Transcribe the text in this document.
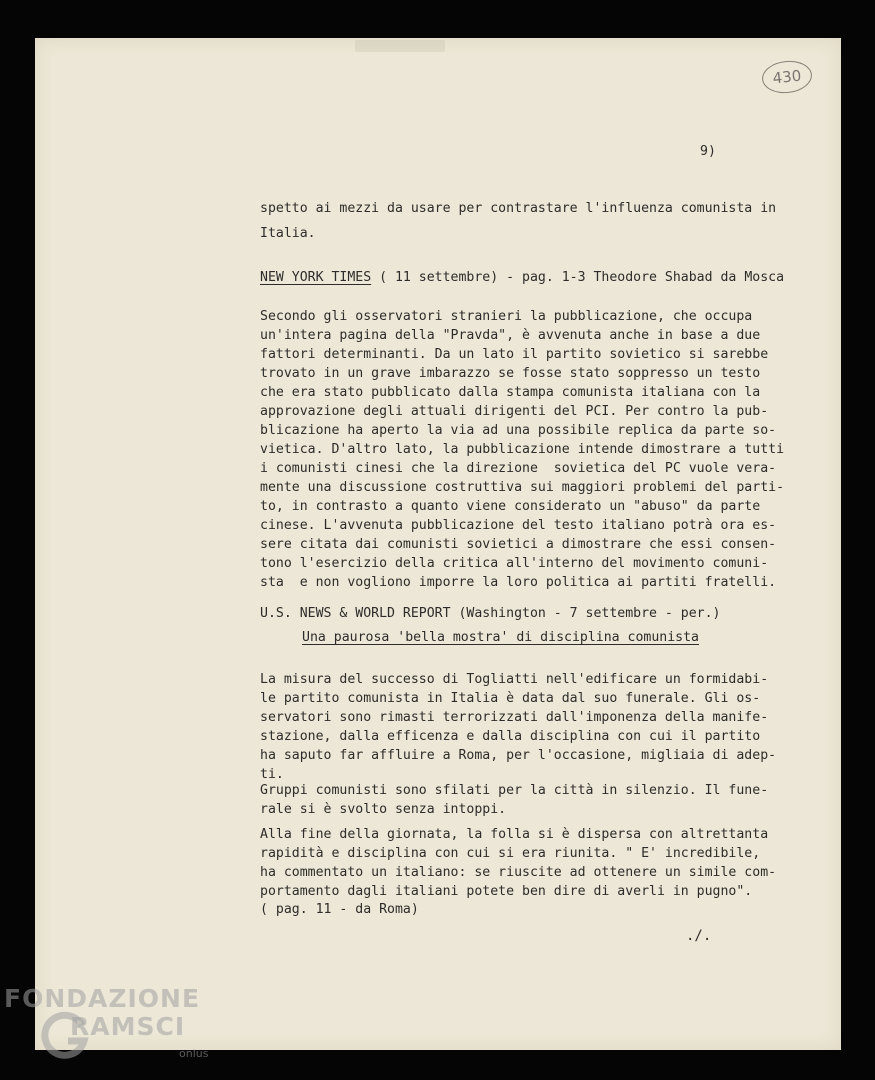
430
9)
spetto ai mezzi da usare per contrastare l'influenza comunista in
Italia.
NEW YORK TIMES ( 11 settembre) - pag. 1-3 Theodore Shabad da Mosca
Secondo gli osservatori stranieri la pubblicazione, che occupa
un'intera pagina della "Pravda", è avvenuta anche in base a due
fattori determinanti. Da un lato il partito sovietico si sarebbe
trovato in un grave imbarazzo se fosse stato soppresso un testo
che era stato pubblicato dalla stampa comunista italiana con la
approvazione degli attuali dirigenti del PCI. Per contro la pub-
blicazione ha aperto la via ad una possibile replica da parte so-
vietica. D'altro lato, la pubblicazione intende dimostrare a tutti
i comunisti cinesi che la direzione  sovietica del PC vuole vera-
mente una discussione costruttiva sui maggiori problemi del parti-
to, in contrasto a quanto viene considerato un "abuso" da parte
cinese. L'avvenuta pubblicazione del testo italiano potrà ora es-
sere citata dai comunisti sovietici a dimostrare che essi consen-
tono l'esercizio della critica all'interno del movimento comuni-
sta  e non vogliono imporre la loro politica ai partiti fratelli.
U.S. NEWS & WORLD REPORT (Washington - 7 settembre - per.)
Una paurosa 'bella mostra' di disciplina comunista
La misura del successo di Togliatti nell'edificare un formidabi-
le partito comunista in Italia è data dal suo funerale. Gli os-
servatori sono rimasti terrorizzati dall'imponenza della manife-
stazione, dalla efficenza e dalla disciplina con cui il partito
ha saputo far affluire a Roma, per l'occasione, migliaia di adep-
ti.
Gruppi comunisti sono sfilati per la città in silenzio. Il fune-
rale si è svolto senza intoppi.
Alla fine della giornata, la folla si è dispersa con altrettanta
rapidità e disciplina con cui si era riunita. " E' incredibile,
ha commentato un italiano: se riuscite ad ottenere un simile com-
portamento dagli italiani potete ben dire di averli in pugno".
( pag. 11 - da Roma)
./.
FONDAZIONE
RAMSCI
onlus
